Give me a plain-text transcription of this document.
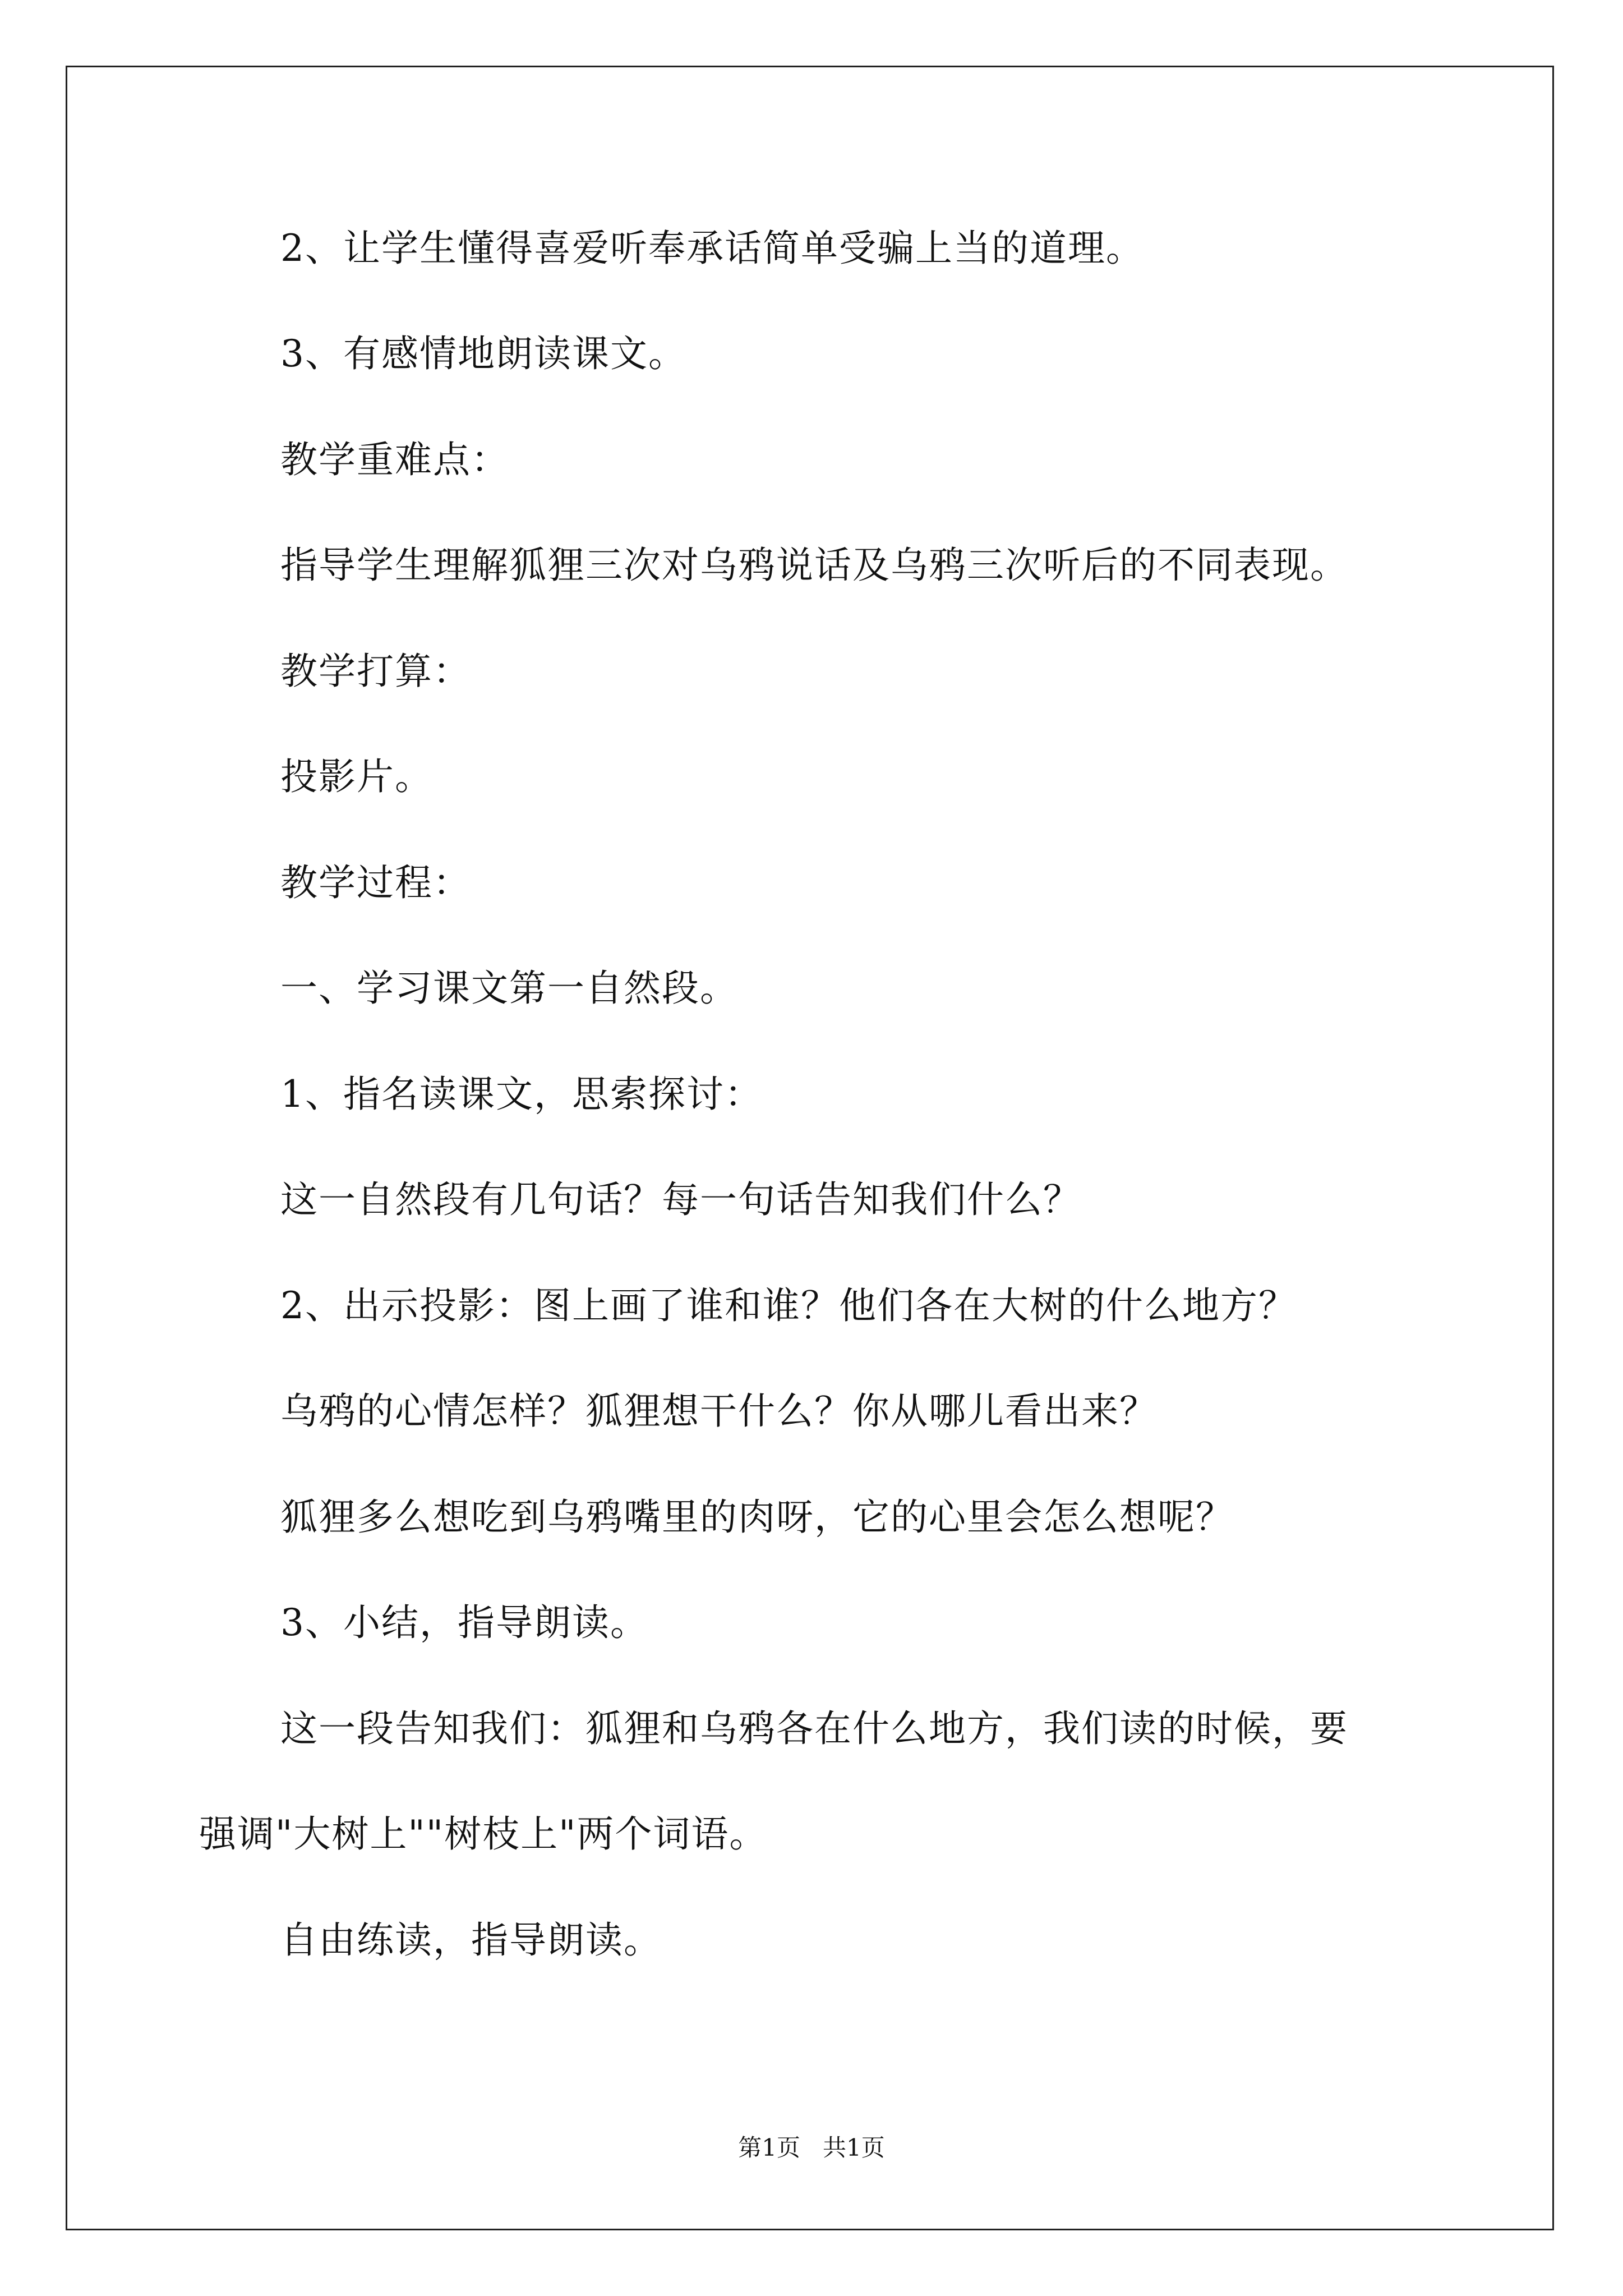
2、让学生懂得喜爱听奉承话简单受骗上当的道理。

3、有感情地朗读课文。

教学重难点：

指导学生理解狐狸三次对乌鸦说话及乌鸦三次听后的不同表现。

教学打算：

投影片。

教学过程：

一、学习课文第一自然段。

1、指名读课文，思索探讨：

这一自然段有几句话？每一句话告知我们什么？

2、出示投影：图上画了谁和谁？他们各在大树的什么地方？

乌鸦的心情怎样？狐狸想干什么？你从哪儿看出来？

狐狸多么想吃到乌鸦嘴里的肉呀，它的心里会怎么想呢？

3、小结，指导朗读。

这一段告知我们：狐狸和乌鸦各在什么地方，我们读的时候，要

强调"大树上""树枝上"两个词语。

自由练读，指导朗读。

第1页   共1页
